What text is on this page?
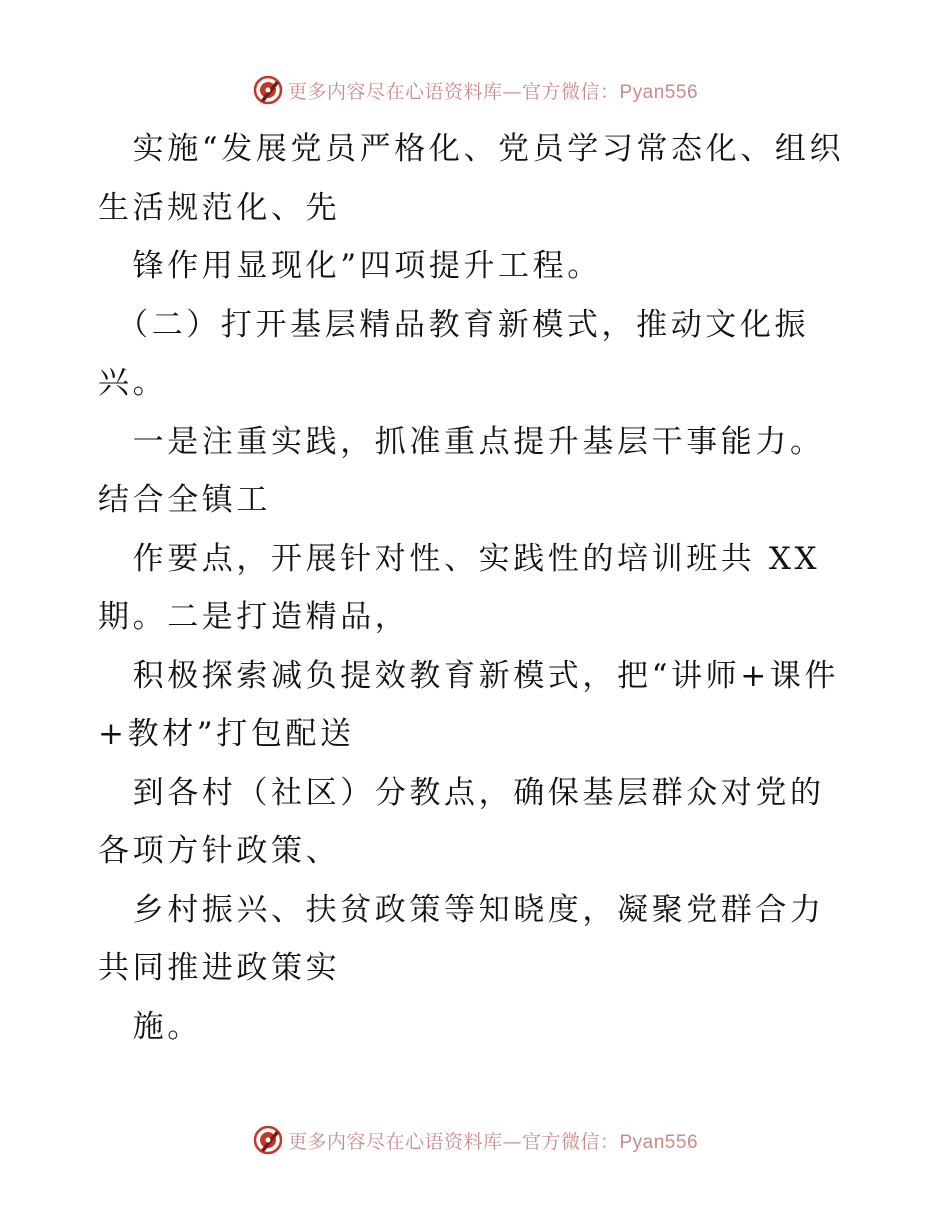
更多内容尽在心语资料库—官方微信：Pyan556

　实施“发展党员严格化、党员学习常态化、组织生活规范化、先

　锋作用显现化”四项提升工程。

　（二）打开基层精品教育新模式，推动文化振兴。

　一是注重实践，抓准重点提升基层干事能力。结合全镇工

　作要点，开展针对性、实践性的培训班共 XX 期。二是打造精品，

　积极探索减负提效教育新模式，把“讲师+课件+教材”打包配送

　到各村（社区）分教点，确保基层群众对党的各项方针政策、

　乡村振兴、扶贫政策等知晓度，凝聚党群合力共同推进政策实

　施。

更多内容尽在心语资料库—官方微信：Pyan556
